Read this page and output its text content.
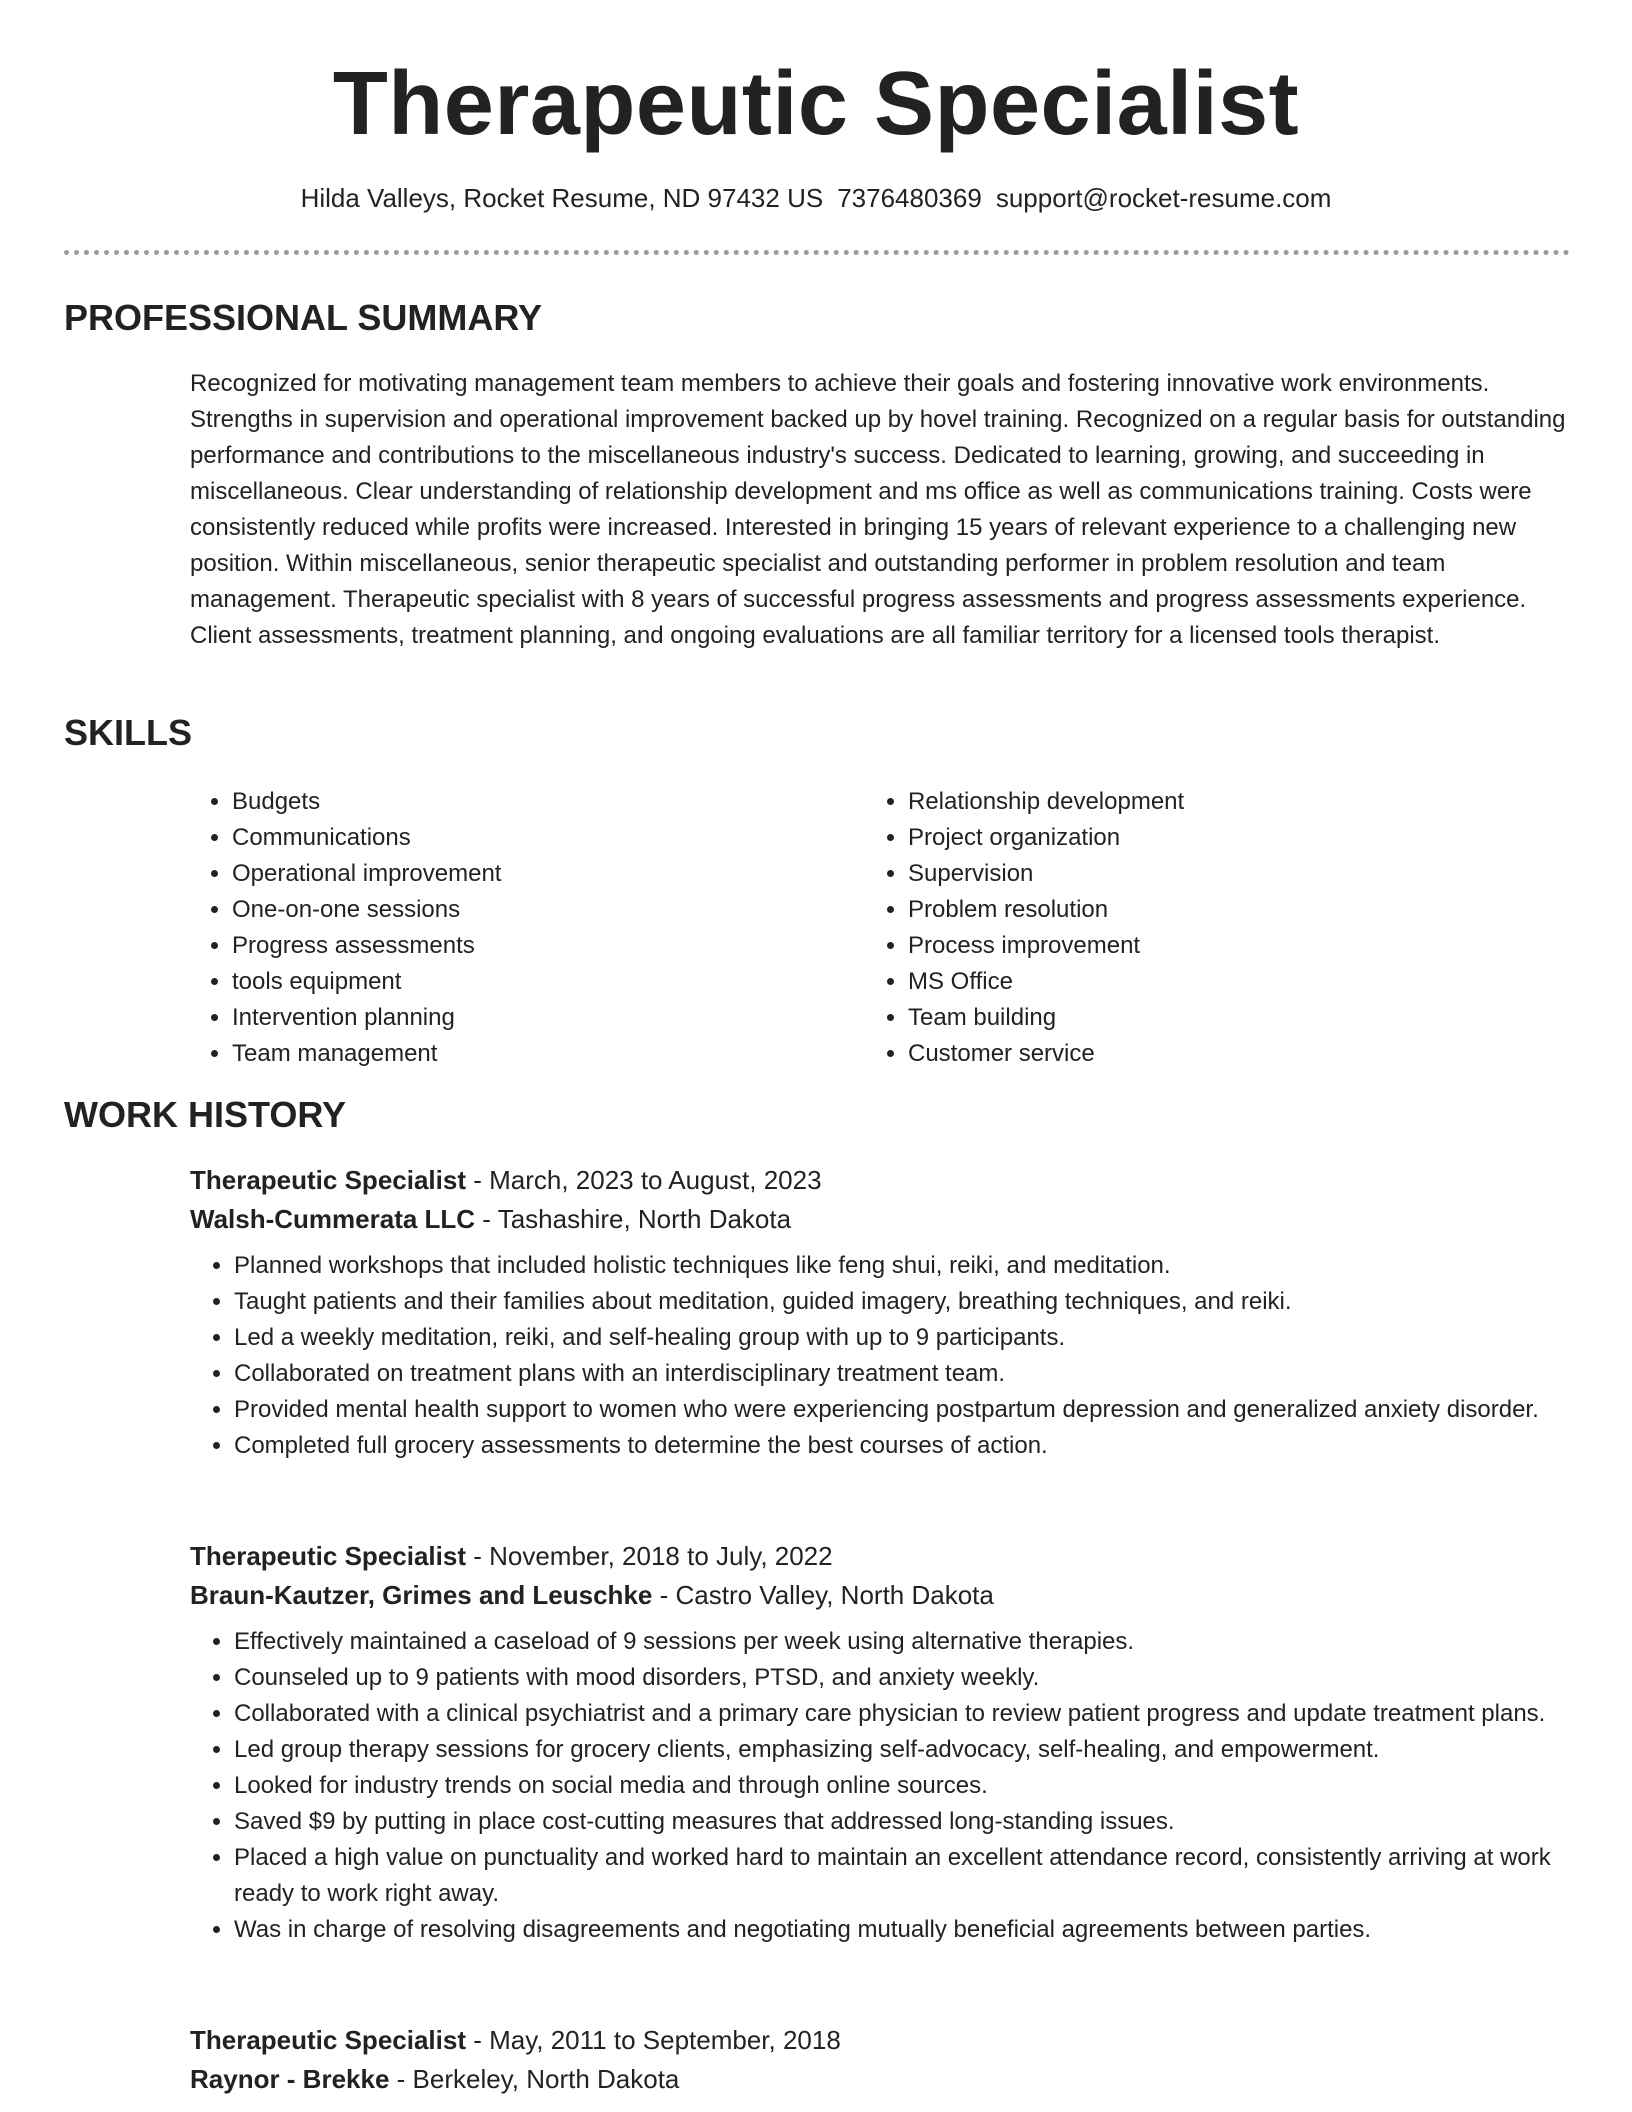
Therapeutic Specialist
Hilda Valleys, Rocket Resume, ND 97432 US 7376480369 support@rocket-resume.com
PROFESSIONAL SUMMARY
Recognized for motivating management team members to achieve their goals and fostering innovative work environments. Strengths in supervision and operational improvement backed up by hovel training. Recognized on a regular basis for outstanding performance and contributions to the miscellaneous industry's success. Dedicated to learning, growing, and succeeding in miscellaneous. Clear understanding of relationship development and ms office as well as communications training. Costs were consistently reduced while profits were increased. Interested in bringing 15 years of relevant experience to a challenging new position. Within miscellaneous, senior therapeutic specialist and outstanding performer in problem resolution and team management. Therapeutic specialist with 8 years of successful progress assessments and progress assessments experience. Client assessments, treatment planning, and ongoing evaluations are all familiar territory for a licensed tools therapist.
SKILLS
• Budgets
• Communications
• Operational improvement
• One-on-one sessions
• Progress assessments
• tools equipment
• Intervention planning
• Team management
• Relationship development
• Project organization
• Supervision
• Problem resolution
• Process improvement
• MS Office
• Team building
• Customer service
WORK HISTORY
Therapeutic Specialist - March, 2023 to August, 2023
Walsh-Cummerata LLC - Tashashire, North Dakota
• Planned workshops that included holistic techniques like feng shui, reiki, and meditation.
• Taught patients and their families about meditation, guided imagery, breathing techniques, and reiki.
• Led a weekly meditation, reiki, and self-healing group with up to 9 participants.
• Collaborated on treatment plans with an interdisciplinary treatment team.
• Provided mental health support to women who were experiencing postpartum depression and generalized anxiety disorder.
• Completed full grocery assessments to determine the best courses of action.
Therapeutic Specialist - November, 2018 to July, 2022
Braun-Kautzer, Grimes and Leuschke - Castro Valley, North Dakota
• Effectively maintained a caseload of 9 sessions per week using alternative therapies.
• Counseled up to 9 patients with mood disorders, PTSD, and anxiety weekly.
• Collaborated with a clinical psychiatrist and a primary care physician to review patient progress and update treatment plans.
• Led group therapy sessions for grocery clients, emphasizing self-advocacy, self-healing, and empowerment.
• Looked for industry trends on social media and through online sources.
• Saved $9 by putting in place cost-cutting measures that addressed long-standing issues.
• Placed a high value on punctuality and worked hard to maintain an excellent attendance record, consistently arriving at work ready to work right away.
• Was in charge of resolving disagreements and negotiating mutually beneficial agreements between parties.
Therapeutic Specialist - May, 2011 to September, 2018
Raynor - Brekke - Berkeley, North Dakota
